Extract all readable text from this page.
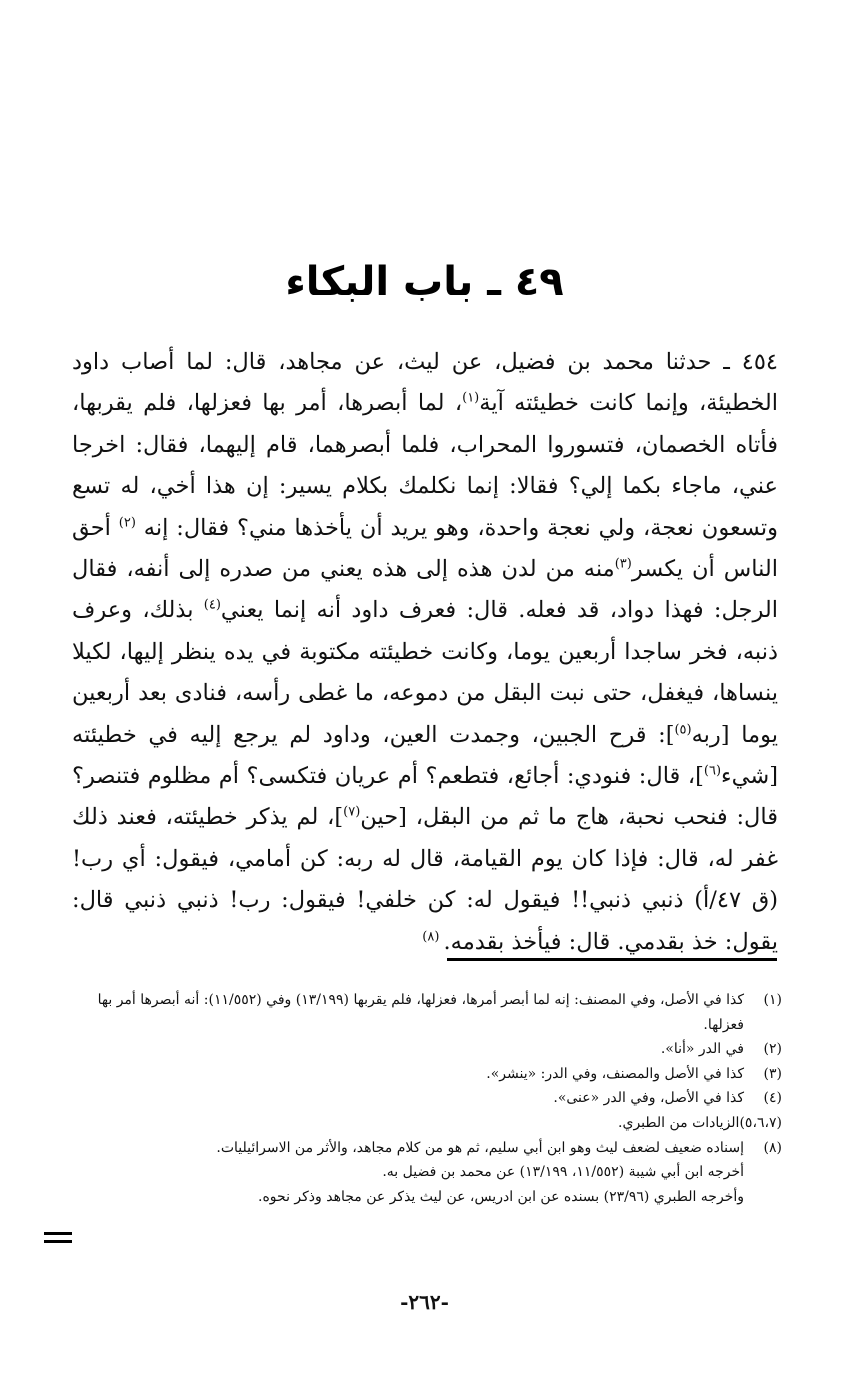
٤٩ ـ باب البكاء
٤٥٤ ـ حدثنا محمد بن فضيل، عن ليث، عن مجاهد، قال: لما أصاب داود الخطيئة، وإنما كانت خطيئته آية$^{(١)}$، لما أبصرها، أمر بها فعزلها، فلم يقربها، فأتاه الخصمان، فتسوروا المحراب، فلما أبصرهما، قام إليهما، فقال: اخرجا عني، ماجاء بكما إلي؟ فقالا: إنما نكلمك بكلام يسير: إن هذا أخي، له تسع وتسعون نعجة، ولي نعجة واحدة، وهو يريد أن يأخذها مني؟ فقال: إنه $^{(٢)}$ أحق الناس أن يكسر$^{(٣)}$منه من لدن هذه إلى هذه يعني من صدره إلى أنفه، فقال الرجل: فهذا دواد، قد فعله. قال: فعرف داود أنه إنما يعني$^{(٤)}$ بذلك، وعرف ذنبه، فخر ساجدا أربعين يوما، وكانت خطيئته مكتوبة في يده ينظر إليها، لكيلا ينساها، فيغفل، حتى نبت البقل من دموعه، ما غطى رأسه، فنادى بعد أربعين يوما [ربه$^{(٥)}$]: قرح الجبين، وجمدت العين، وداود لم يرجع إليه في خطيئته [شيء$^{(٦)}$]، قال: فنودي: أجائع، فتطعم؟ أم عريان فتكسى؟ أم مظلوم فتنصر؟ قال: فنحب نحبة، هاج ما ثم من البقل، [حين$^{(٧)}$]، لم يذكر خطيئته، فعند ذلك غفر له، قال: فإذا كان يوم القيامة، قال له ربه: كن أمامي، فيقول: أي رب! (ق ٤٧/أ) ذنبي ذنبي!! فيقول له: كن خلفي! فيقول: رب! ذنبي ذنبي قال: يقول: خذ بقدمي. قال: فيأخذ بقدمه. $^{(٨)}$
(١)
كذا في الأصل، وفي المصنف: إنه لما أبصر أمرها، فعزلها، فلم يقربها (١٣/١٩٩) وفي (١١/٥٥٢): أنه أبصرها أمر بها فعزلها.
(٢)
في الدر «أنا».
(٣)
كذا في الأصل والمصنف، وفي الدر: «ينشر».
(٤)
كذا في الأصل، وفي الدر «عنى».
(٥،٦،٧)
الزيادات من الطبري.
(٨)
إسناده ضعيف لضعف ليث وهو ابن أبي سليم، ثم هو من كلام مجاهد، والأثر من الاسرائيليات.
أخرجه ابن أبي شيبة (١١/٥٥٢، ١٣/١٩٩) عن محمد بن فضيل به.
وأخرجه الطبري (٢٣/٩٦) بسنده عن ابن ادريس، عن ليث يذكر عن مجاهد وذكر نحوه.
-٢٦٢-
